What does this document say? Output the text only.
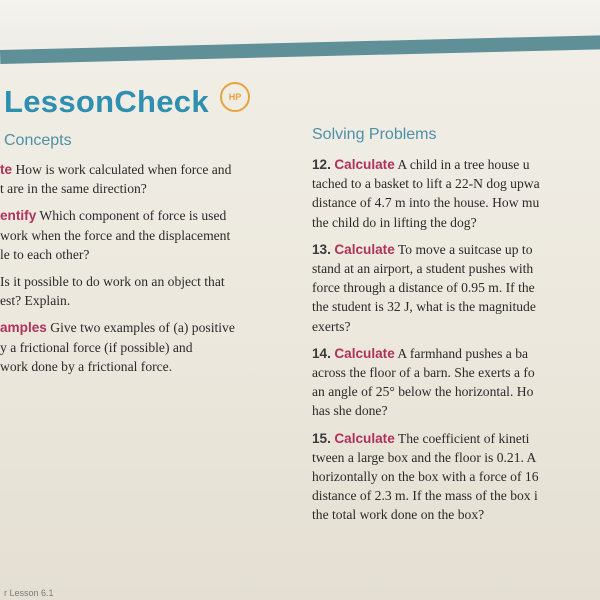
LessonCheck HP
Concepts
te How is work calculated when force and
t are in the same direction?
entify Which component of force is used
work when the force and the displacement
le to each other?
Is it possible to do work on an object that
est? Explain.
amples Give two examples of (a) positive
y a frictional force (if possible) and
work done by a frictional force.
Solving Problems
12. Calculate A child in a tree house u
tached to a basket to lift a 22-N dog upwa
distance of 4.7 m into the house. How mu
the child do in lifting the dog?
13. Calculate To move a suitcase up to
stand at an airport, a student pushes with
force through a distance of 0.95 m. If the
the student is 32 J, what is the magnitude
exerts?
14. Calculate A farmhand pushes a ba
across the floor of a barn. She exerts a fo
an angle of 25° below the horizontal. Ho
has she done?
15. Calculate The coefficient of kineti
tween a large box and the floor is 0.21. A
horizontally on the box with a force of 16
distance of 2.3 m. If the mass of the box i
the total work done on the box?
r Lesson 6.1
